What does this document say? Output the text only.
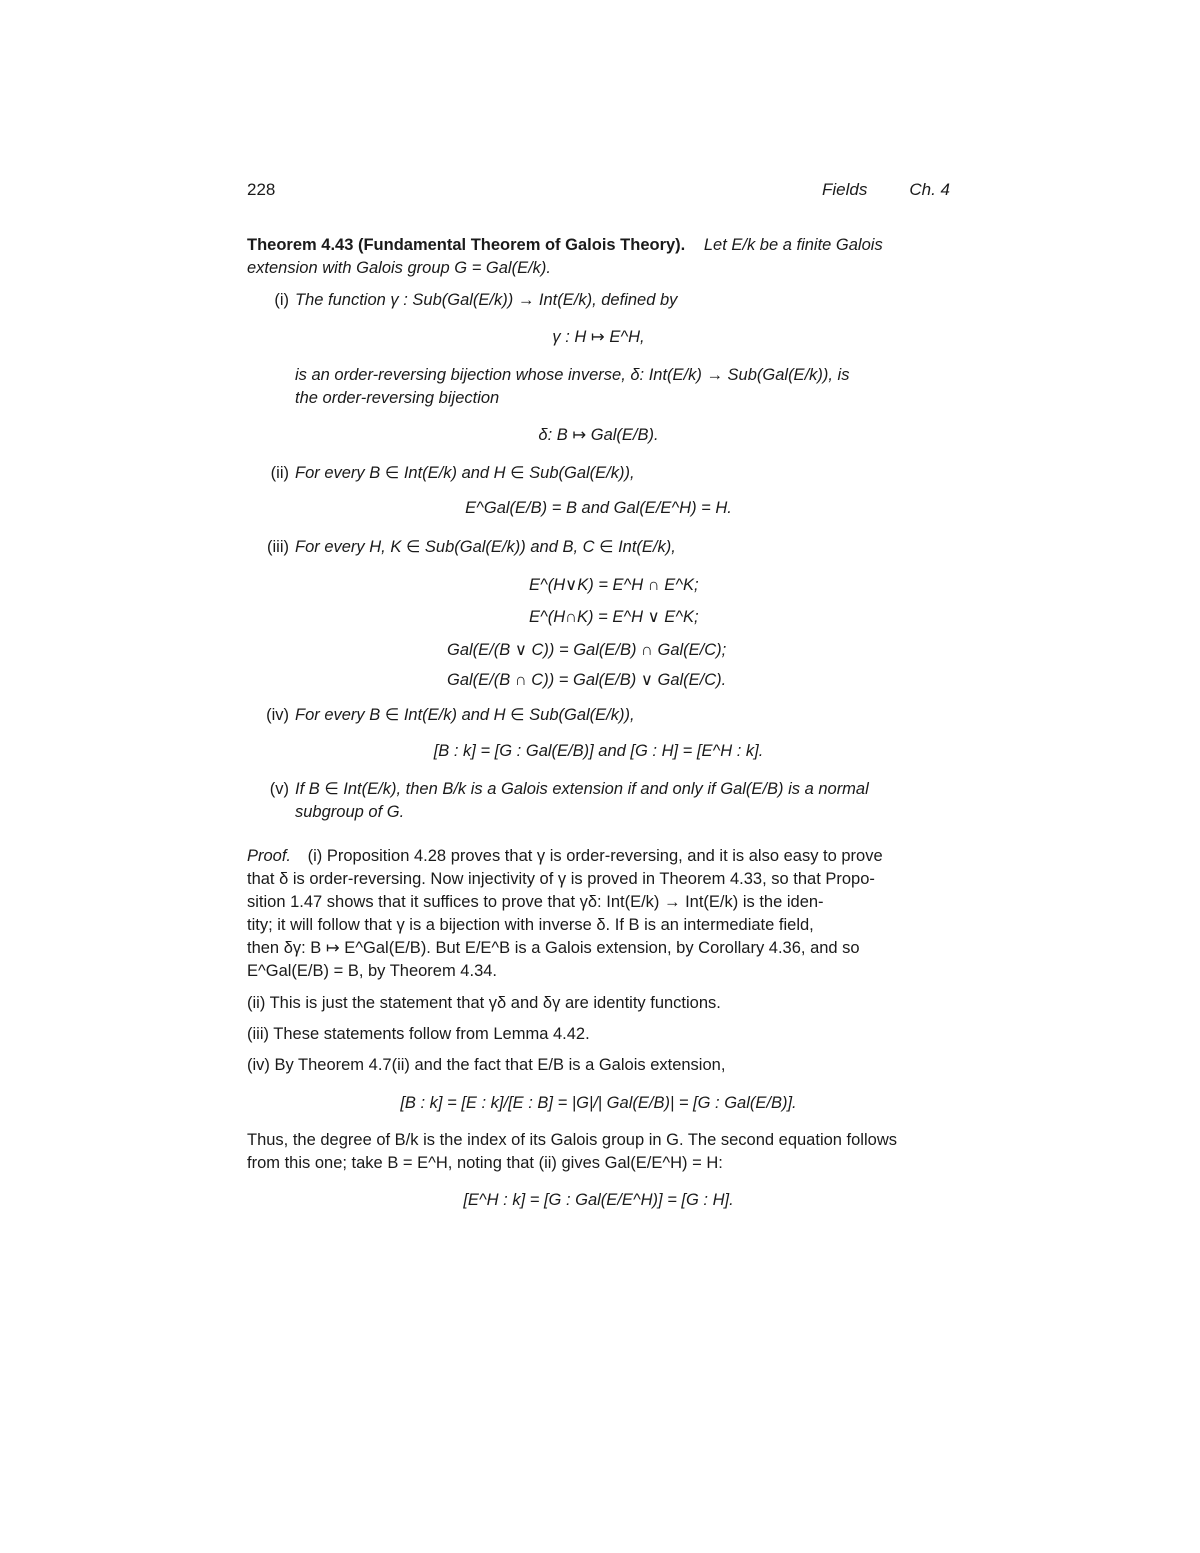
228	Fields Ch. 4
Theorem 4.43 (Fundamental Theorem of Galois Theory). Let E/k be a finite Galois
extension with Galois group G = Gal(E/k).
(i) The function γ : Sub(Gal(E/k)) → Int(E/k), defined by
γ : H ↦ E^H,
is an order-reversing bijection whose inverse, δ: Int(E/k) → Sub(Gal(E/k)), is
the order-reversing bijection
δ: B ↦ Gal(E/B).
(ii) For every B ∈ Int(E/k) and H ∈ Sub(Gal(E/k)),
E^Gal(E/B) = B and Gal(E/E^H) = H.
(iii) For every H, K ∈ Sub(Gal(E/k)) and B, C ∈ Int(E/k),
E^(H∨K) = E^H ∩ E^K;
E^(H∩K) = E^H ∨ E^K;
Gal(E/(B ∨ C)) = Gal(E/B) ∩ Gal(E/C);
Gal(E/(B ∩ C)) = Gal(E/B) ∨ Gal(E/C).
(iv) For every B ∈ Int(E/k) and H ∈ Sub(Gal(E/k)),
[B : k] = [G : Gal(E/B)] and [G : H] = [E^H : k].
(v) If B ∈ Int(E/k), then B/k is a Galois extension if and only if Gal(E/B) is a normal
subgroup of G.
Proof. (i) Proposition 4.28 proves that γ is order-reversing, and it is also easy to prove
that δ is order-reversing. Now injectivity of γ is proved in Theorem 4.33, so that Propo-
sition 1.47 shows that it suffices to prove that γδ: Int(E/k) → Int(E/k) is the iden-
tity; it will follow that γ is a bijection with inverse δ. If B is an intermediate field,
then δγ: B ↦ E^Gal(E/B). But E/E^B is a Galois extension, by Corollary 4.36, and so
E^Gal(E/B) = B, by Theorem 4.34.
(ii) This is just the statement that γδ and δγ are identity functions.
(iii) These statements follow from Lemma 4.42.
(iv) By Theorem 4.7(ii) and the fact that E/B is a Galois extension,
[B : k] = [E : k]/[E : B] = |G|/| Gal(E/B)| = [G : Gal(E/B)].
Thus, the degree of B/k is the index of its Galois group in G. The second equation follows
from this one; take B = E^H, noting that (ii) gives Gal(E/E^H) = H:
[E^H : k] = [G : Gal(E/E^H)] = [G : H].
